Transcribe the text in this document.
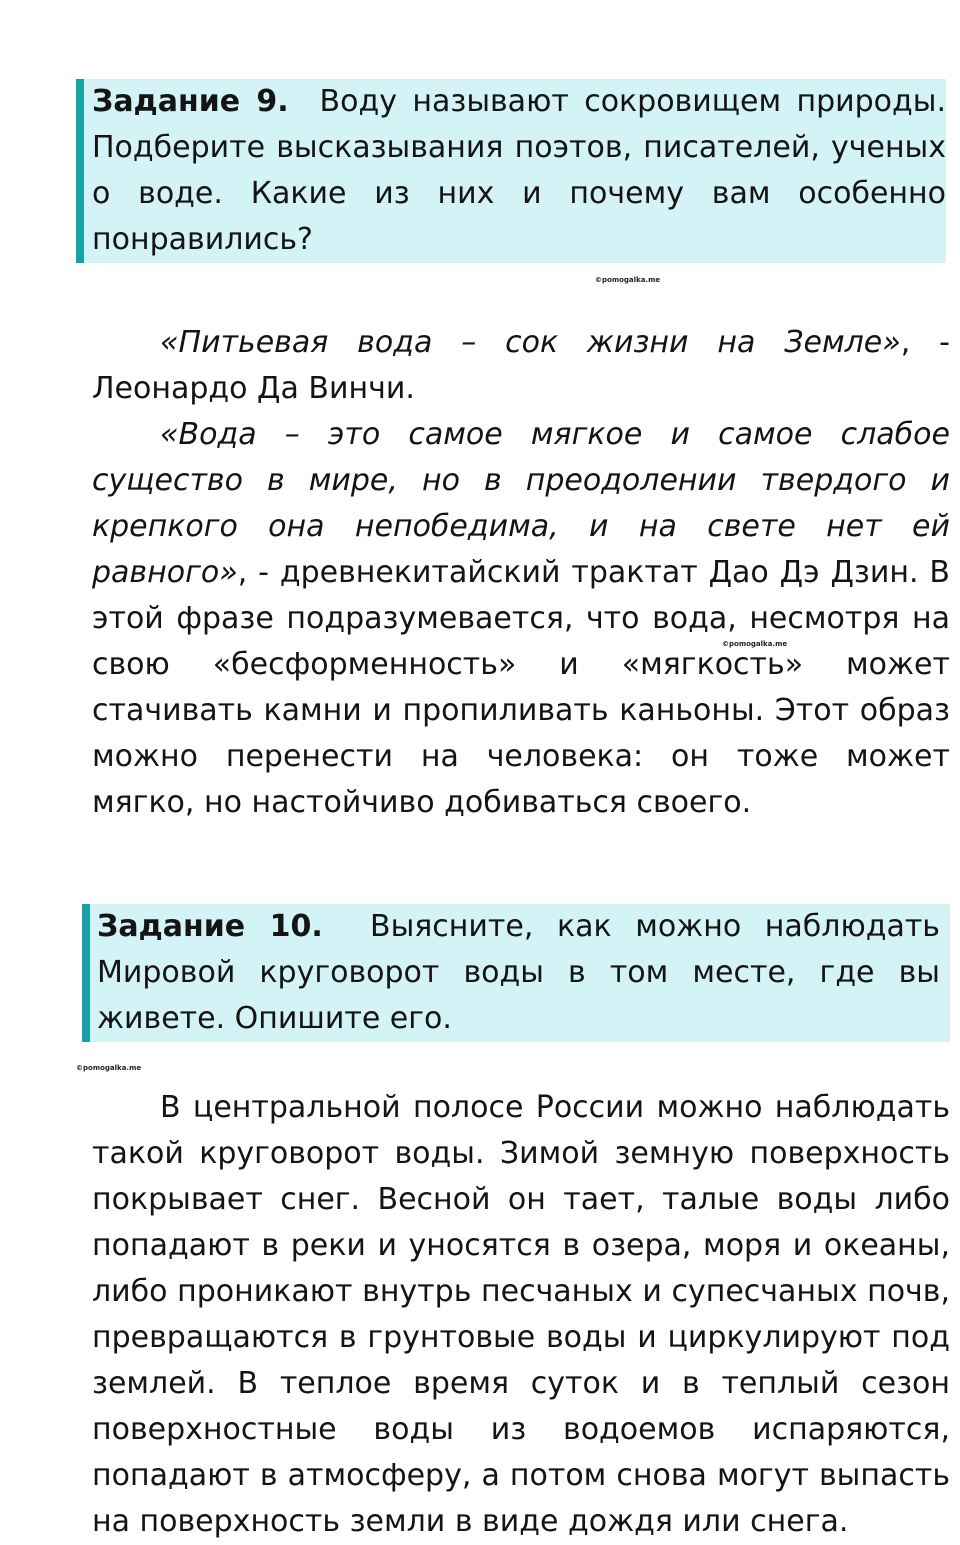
Задание 9. Воду называют сокровищем природы. Подберите высказывания поэтов, писателей, ученых о воде. Какие из них и почему вам особенно понравились?
©pomogalka.me

«Питьевая вода – сок жизни на Земле», - Леонардо Да Винчи.

«Вода – это самое мягкое и самое слабое существо в мире, но в преодолении твердого и крепкого она непобедима, и на свете нет ей равного», - древнекитайский трактат Дао Дэ Дзин. В этой фразе подразумевается, что вода, несмотря на свою «бесформенность» и «мягкость» может стачивать камни и пропиливать каньоны. Этот образ можно перенести на человека: он тоже может мягко, но настойчиво добиваться своего.

©pomogalka.me
Задание 10. Выясните, как можно наблюдать Мировой круговорот воды в том месте, где вы живете. Опишите его.
©pomogalka.me

В центральной полосе России можно наблюдать такой круговорот воды. Зимой земную поверхность покрывает снег. Весной он тает, талые воды либо попадают в реки и уносятся в озера, моря и океаны, либо проникают внутрь песчаных и супесчаных почв, превращаются в грунтовые воды и циркулируют под землей. В теплое время суток и в теплый сезон поверхностные воды из водоемов испаряются, попадают в атмосферу, а потом снова могут выпасть на поверхность земли в виде дождя или снега.
